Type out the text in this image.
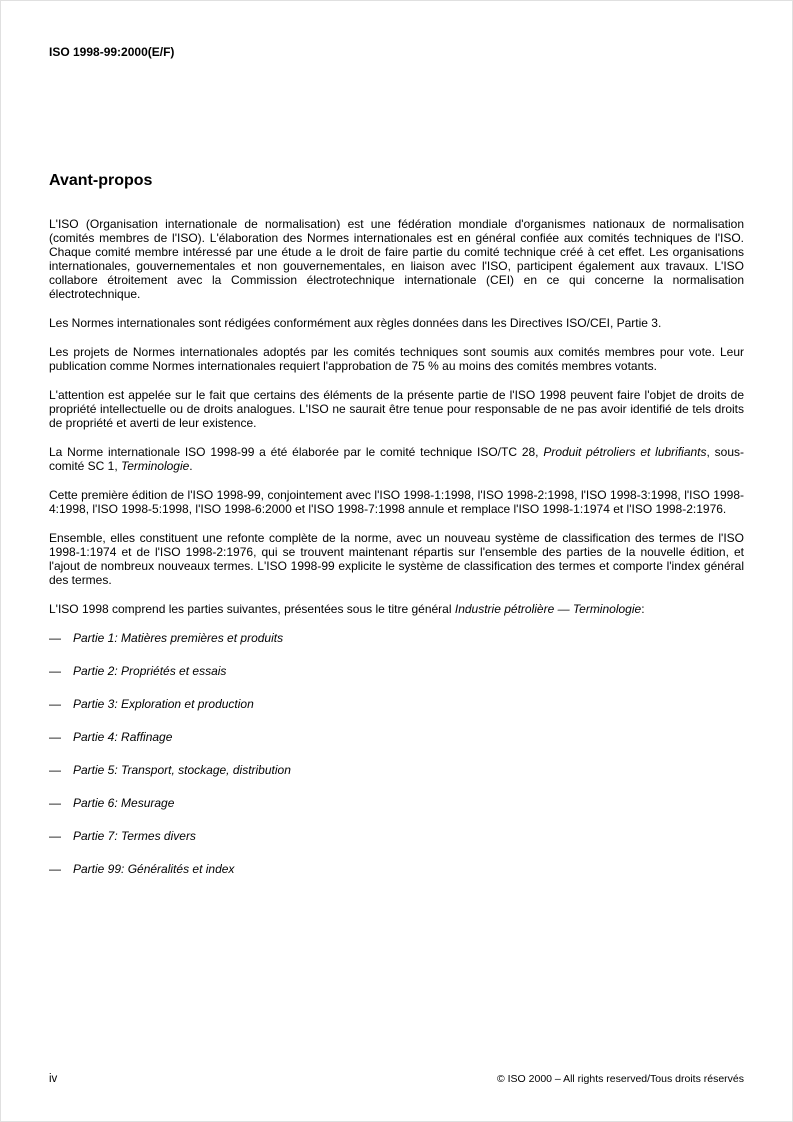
ISO 1998-99:2000(E/F)
Avant-propos

L'ISO (Organisation internationale de normalisation) est une fédération mondiale d'organismes nationaux de normalisation (comités membres de l'ISO). L'élaboration des Normes internationales est en général confiée aux comités techniques de l'ISO. Chaque comité membre intéressé par une étude a le droit de faire partie du comité technique créé à cet effet. Les organisations internationales, gouvernementales et non gouvernementales, en liaison avec l'ISO, participent également aux travaux. L'ISO collabore étroitement avec la Commission électrotechnique internationale (CEI) en ce qui concerne la normalisation électrotechnique.

Les Normes internationales sont rédigées conformément aux règles données dans les Directives ISO/CEI, Partie 3.

Les projets de Normes internationales adoptés par les comités techniques sont soumis aux comités membres pour vote. Leur publication comme Normes internationales requiert l'approbation de 75 % au moins des comités membres votants.

L'attention est appelée sur le fait que certains des éléments de la présente partie de l'ISO 1998 peuvent faire l'objet de droits de propriété intellectuelle ou de droits analogues. L'ISO ne saurait être tenue pour responsable de ne pas avoir identifié de tels droits de propriété et averti de leur existence.

La Norme internationale ISO 1998-99 a été élaborée par le comité technique ISO/TC 28, Produit pétroliers et lubrifiants, sous-comité SC 1, Terminologie.

Cette première édition de l'ISO 1998-99, conjointement avec l'ISO 1998-1:1998, l'ISO 1998-2:1998, l'ISO 1998-3:1998, l'ISO 1998-4:1998, l'ISO 1998-5:1998, l'ISO 1998-6:2000 et l'ISO 1998-7:1998 annule et remplace l'ISO 1998-1:1974 et l'ISO 1998-2:1976.

Ensemble, elles constituent une refonte complète de la norme, avec un nouveau système de classification des termes de l'ISO 1998-1:1974 et de l'ISO 1998-2:1976, qui se trouvent maintenant répartis sur l'ensemble des parties de la nouvelle édition, et l'ajout de nombreux nouveaux termes. L'ISO 1998-99 explicite le système de classification des termes et comporte l'index général des termes.

L'ISO 1998 comprend les parties suivantes, présentées sous le titre général Industrie pétrolière — Terminologie:

—	Partie 1: Matières premières et produits
—	Partie 2: Propriétés et essais
—	Partie 3: Exploration et production
—	Partie 4: Raffinage
—	Partie 5: Transport, stockage, distribution
—	Partie 6: Mesurage
—	Partie 7: Termes divers
—	Partie 99: Généralités et index
iv	© ISO 2000 – All rights reserved/Tous droits réservés
